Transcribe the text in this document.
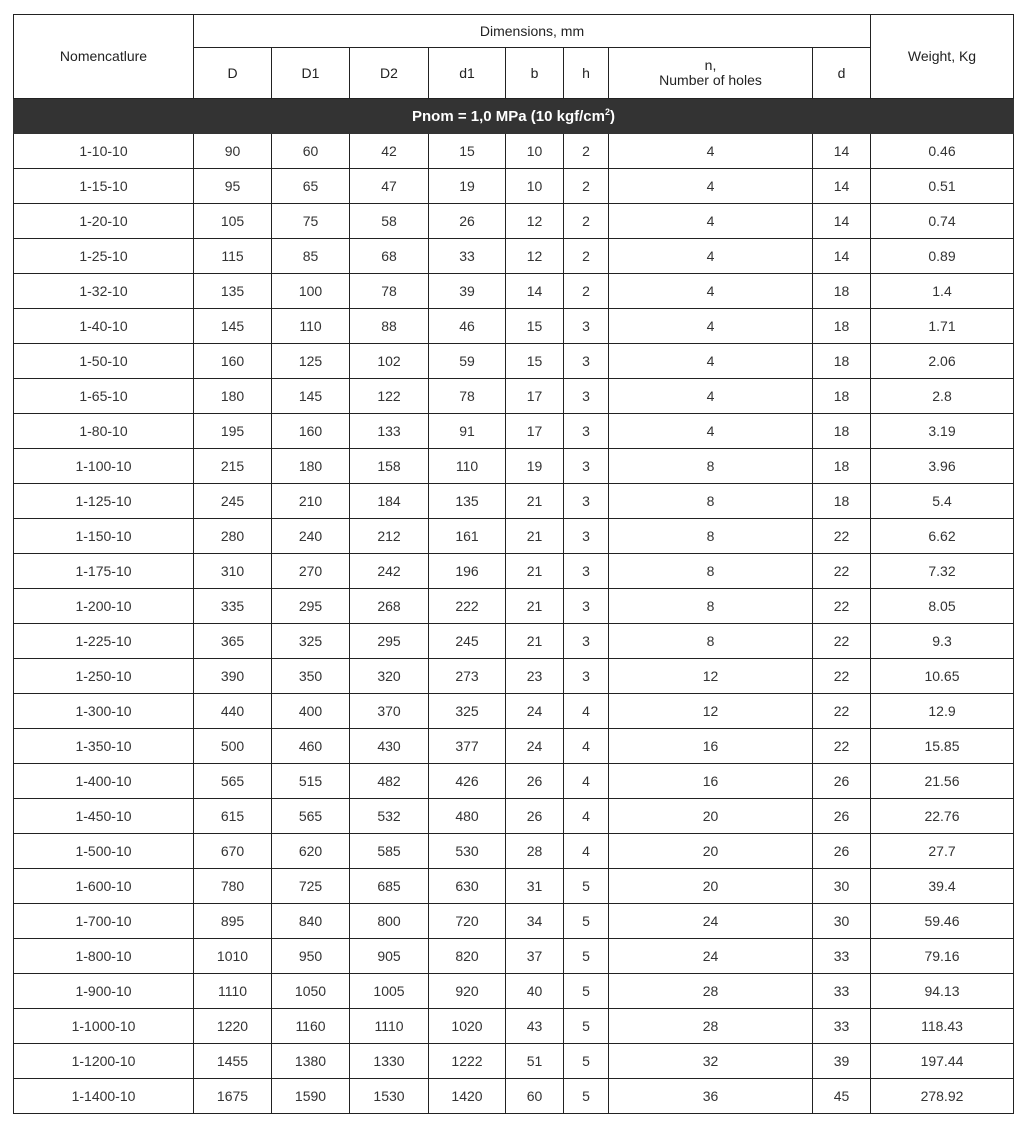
Nomencatlure	Dimensions, mm								Weight, Kg
	D	D1	D2	d1	b	h	n,
Number of holes	d	
Pnom = 1,0 MPa (10 kgf/$cm^2$)									
1-10-10	90	60	42	15	10	2	4	14	0.46
1-15-10	95	65	47	19	10	2	4	14	0.51
1-20-10	105	75	58	26	12	2	4	14	0.74
1-25-10	115	85	68	33	12	2	4	14	0.89
1-32-10	135	100	78	39	14	2	4	18	1.4
1-40-10	145	110	88	46	15	3	4	18	1.71
1-50-10	160	125	102	59	15	3	4	18	2.06
1-65-10	180	145	122	78	17	3	4	18	2.8
1-80-10	195	160	133	91	17	3	4	18	3.19
1-100-10	215	180	158	110	19	3	8	18	3.96
1-125-10	245	210	184	135	21	3	8	18	5.4
1-150-10	280	240	212	161	21	3	8	22	6.62
1-175-10	310	270	242	196	21	3	8	22	7.32
1-200-10	335	295	268	222	21	3	8	22	8.05
1-225-10	365	325	295	245	21	3	8	22	9.3
1-250-10	390	350	320	273	23	3	12	22	10.65
1-300-10	440	400	370	325	24	4	12	22	12.9
1-350-10	500	460	430	377	24	4	16	22	15.85
1-400-10	565	515	482	426	26	4	16	26	21.56
1-450-10	615	565	532	480	26	4	20	26	22.76
1-500-10	670	620	585	530	28	4	20	26	27.7
1-600-10	780	725	685	630	31	5	20	30	39.4
1-700-10	895	840	800	720	34	5	24	30	59.46
1-800-10	1010	950	905	820	37	5	24	33	79.16
1-900-10	1110	1050	1005	920	40	5	28	33	94.13
1-1000-10	1220	1160	1110	1020	43	5	28	33	118.43
1-1200-10	1455	1380	1330	1222	51	5	32	39	197.44
1-1400-10	1675	1590	1530	1420	60	5	36	45	278.92
